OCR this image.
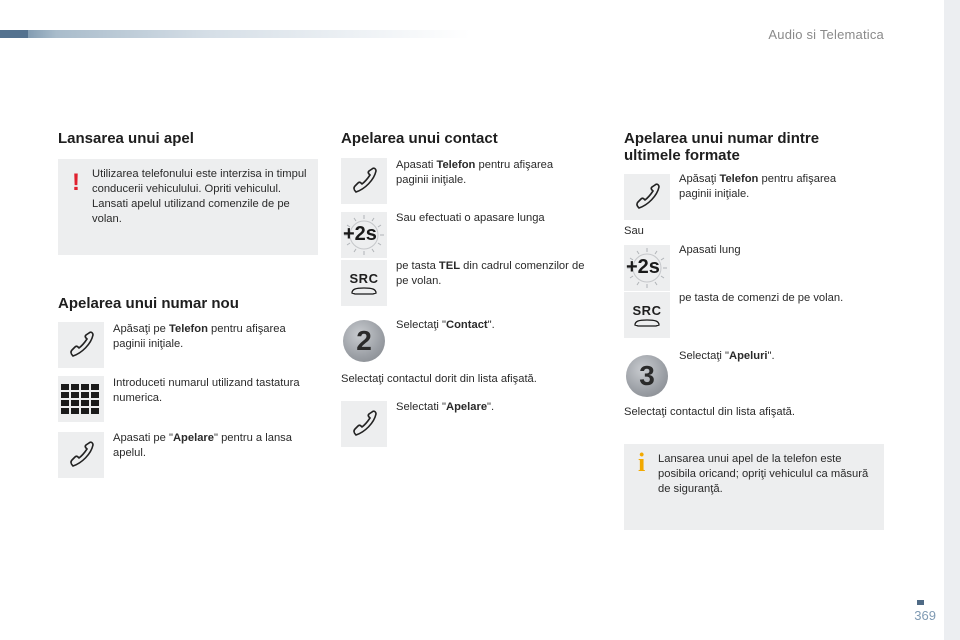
Audio si Telematica
369
Lansarea unui apel
! Utilizarea telefonului este interzisa in timpul conducerii vehiculului. Opriti vehiculul. Lansati apelul utilizand comenzile de pe volan.
Apelarea unui numar nou
Apăsaţi pe Telefon pentru afişarea paginii iniţiale.
Introduceti numarul utilizand tastatura numerica.
Apasati pe "Apelare" pentru a lansa apelul.
Apelarea unui contact
Apasati Telefon pentru afişarea paginii iniţiale.
+2s
Sau efectuati o apasare lunga
SRC
pe tasta TEL din cadrul comenzilor de pe volan.
2	Selectaţi "Contact".
Selectaţi contactul dorit din lista afişată.
Selectati "Apelare".
Apelarea unui numar dintre
ultimele formate
Apăsaţi Telefon pentru afişarea paginii iniţiale.
Sau
+2s
Apasati lung
SRC
pe tasta de comenzi de pe volan.
3
Selectaţi "Apeluri".
Selectaţi contactul din lista afişată.
i Lansarea unui apel de la telefon este posibila oricand; opriţi vehiculul ca măsură de siguranţă.
